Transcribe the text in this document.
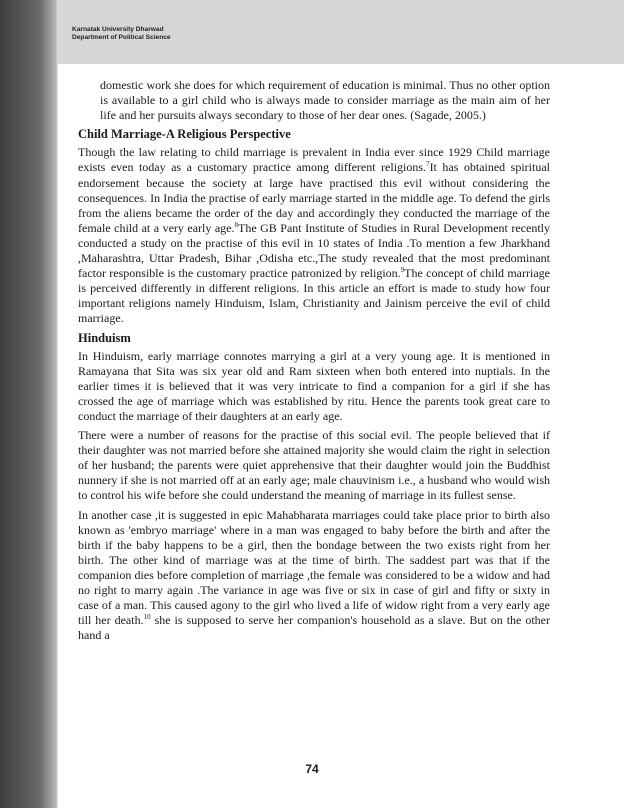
Karnatak University Dharwad
Department of Political Science

domestic work she does for which requirement of education is minimal. Thus no other option is available to a girl child who is always made to consider marriage as the main aim of her life and her pursuits always secondary to those of her dear ones. (Sagade, 2005.)

Child Marriage-A Religious Perspective

Though the law relating to child marriage is prevalent in India ever since 1929 Child marriage exists even today as a customary practice among different religions.$^7$It has obtained spiritual endorsement because the society at large have practised this evil without considering the consequences. In India the practise of early marriage started in the middle age. To defend the girls from the aliens became the order of the day and accordingly they conducted the marriage of the female child at a very early age.$^8$The GB Pant Institute of Studies in Rural Development recently conducted a study on the practise of this evil in 10 states of India .To mention a few Jharkhand ,Maharashtra, Uttar Pradesh, Bihar ,Odisha etc.,The study revealed that the most predominant factor responsible is the customary practice patronized by religion.$^9$The concept of child marriage is perceived differently in different religions. In this article an effort is made to study how four important religions namely Hinduism, Islam, Christianity and Jainism perceive the evil of child marriage.

Hinduism

In Hinduism, early marriage connotes marrying a girl at a very young age. It is mentioned in Ramayana that Sita was six year old and Ram sixteen when both entered into nuptials. In the earlier times it is believed that it was very intricate to find a companion for a girl if she has crossed the age of marriage which was established by ritu. Hence the parents took great care to conduct the marriage of their daughters at an early age.

There were a number of reasons for the practise of this social evil. The people believed that if their daughter was not married before she attained majority she would claim the right in selection of her husband; the parents were quiet apprehensive that their daughter would join the Buddhist nunnery if she is not married off at an early age; male chauvinism i.e., a husband who would wish to control his wife before she could understand the meaning of marriage in its fullest sense.

In another case ,it is suggested in epic Mahabharata marriages could take place prior to birth also known as 'embryo marriage' where in a man was engaged to baby before the birth and after the birth if the baby happens to be a girl, then the bondage between the two exists right from her birth. The other kind of marriage was at the time of birth. The saddest part was that if the companion dies before completion of marriage ,the female was considered to be a widow and had no right to marry again .The variance in age was five or six in case of girl and fifty or sixty in case of a man. This caused agony to the girl who lived a life of widow right from a very early age till her death.$^{10}$ she is supposed to serve her companion's household as a slave. But on the other hand a

74
